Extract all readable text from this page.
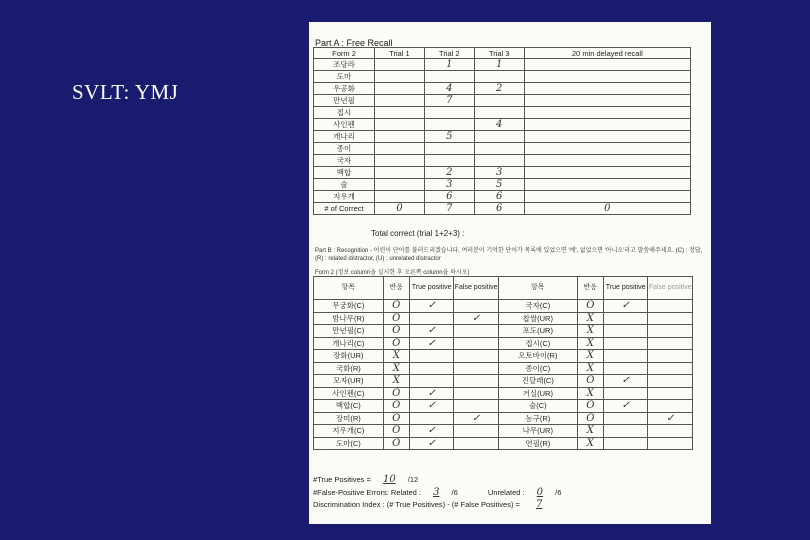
SVLT: YMJ
Part A : Free Recall
Form 2	Trial 1	Trial 2	Trial 3	20 min delayed recall
조당라		1	1	
도마				
우공화		4	2	
만년필		7		
접시				
사인펜			4	
개나리		5		
종이				
국자				
백합		2	3	
술		3	5	
지우개		6	6	
# of Correct	0	7	6	0
Total correct (trial 1+2+3) :
Part B : Recognition - 어린이 단어를 불러드리겠습니다. 여러분이 기억한 단어가 목록에 있었으면 '예', 없었으면 '아니오'라고 말씀해주세요. (C) : 정답, (R) : related distractor, (U) : unrelated distractor
Form 2 (정보 column을 실시한 후 오른쪽 column을 하시오)
항목	반응	True positive	False positive	항목	반응	True positive	False positive
무궁화(C)	O	✓		국자(C)	O	✓	
밤나무(R)	O		✓	찹쌀(UR)	X		
만년필(C)	O	✓		포도(UR)	X		
개나리(C)	O	✓		접시(C)	X		
장화(UR)	X			오토바이(R)	X		
국화(R)	X			종이(C)	X		
모자(UR)	X			진달래(C)	O	✓	
사인펜(C)	O	✓		거실(UR)	X		
백합(C)	O	✓		술(C)	O	✓	
장미(R)	O		✓	농구(R)	O		✓
지우개(C)	O	✓		나무(UR)	X		
도마(C)	O	✓		연필(R)	X		
#True Positives = 10 /12
#False-Positive Errors: Related : 3 /6	Unrelated : 0 /6
Discrimination Index : (# True Positives) - (# False Positives) = 7
